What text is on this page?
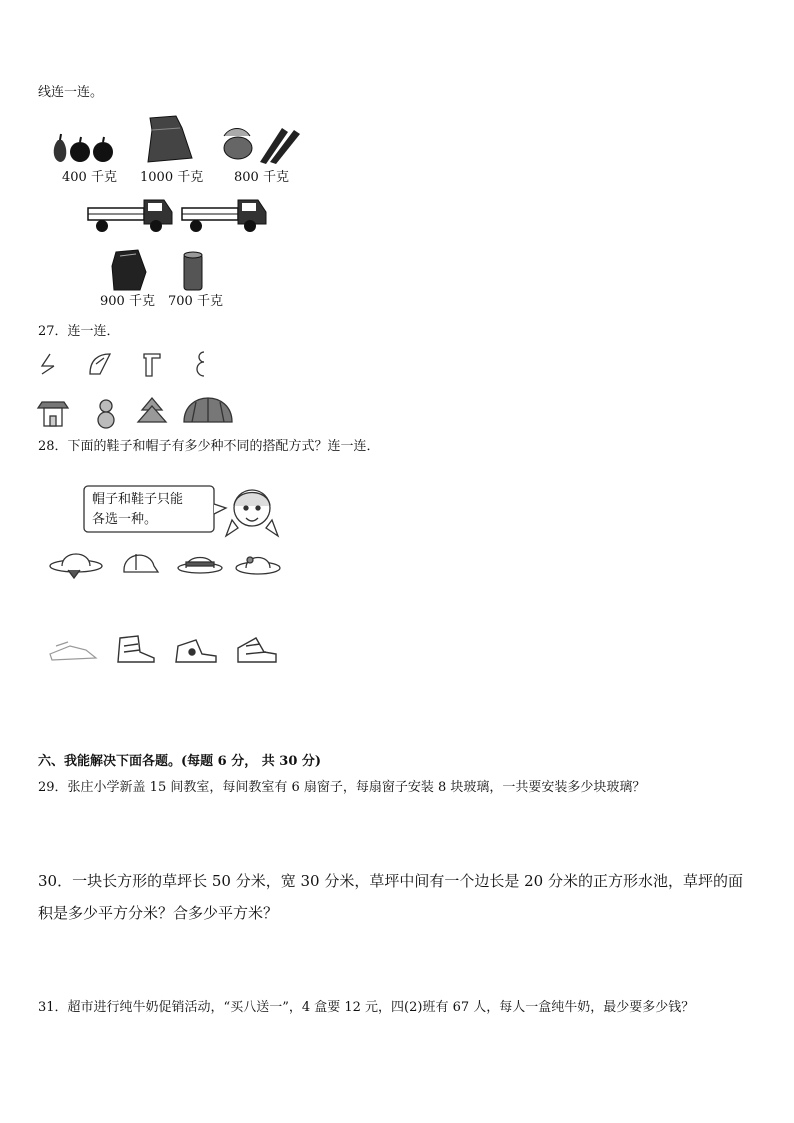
线连一连。
400 千克 1000 千克 800 千克
900 千克 700 千克
27．连一连．
28．下面的鞋子和帽子有多少种不同的搭配方式？连一连．
帽子和鞋子只能
各选一种。
六、我能解决下面各题。(每题 6 分， 共 30 分)
29．张庄小学新盖 15 间教室，每间教室有 6 扇窗子，每扇窗子安装 8 块玻璃，一共要安装多少块玻璃？
30．一块长方形的草坪长 50 分米，宽 30 分米，草坪中间有一个边长是 20 分米的正方形水池，草坪的面
积是多少平方分米？合多少平方米？
31．超市进行纯牛奶促销活动，“买八送一”，4 盒要 12 元，四(2)班有 67 人，每人一盒纯牛奶，最少要多少钱？
